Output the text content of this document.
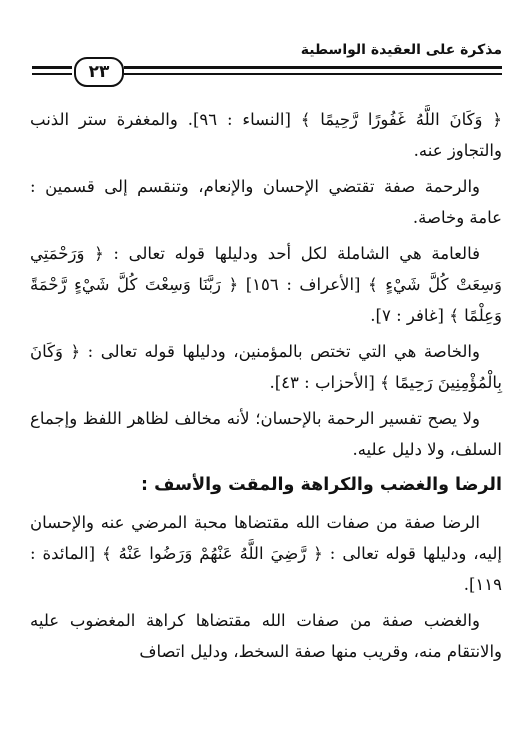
مذكرة على العقيدة الواسطية
٢٣

﴿ وَكَانَ اللَّهُ غَفُورًا رَّحِيمًا ﴾ [النساء : ٩٦]. والمغفرة ستر الذنب والتجاوز عنه.

والرحمة صفة تقتضي الإحسان والإنعام، وتنقسم إلى قسمين : عامة وخاصة.

فالعامة هي الشاملة لكل أحد ودليلها قوله تعالى : ﴿ وَرَحْمَتِي وَسِعَتْ كُلَّ شَيْءٍ ﴾ [الأعراف : ١٥٦] ﴿ رَبَّنَا وَسِعْتَ كُلَّ شَيْءٍ رَّحْمَةً وَعِلْمًا ﴾ [غافر : ٧].

والخاصة هي التي تختص بالمؤمنين، ودليلها قوله تعالى : ﴿ وَكَانَ بِالْمُؤْمِنِينَ رَحِيمًا ﴾ [الأحزاب : ٤٣].

ولا يصح تفسير الرحمة بالإحسان؛ لأنه مخالف لظاهر اللفظ وإجماع السلف، ولا دليل عليه.

الرضا والغضب والكراهة والمقت والأسف :

الرضا صفة من صفات الله مقتضاها محبة المرضي عنه والإحسان إليه، ودليلها قوله تعالى : ﴿ رَّضِيَ اللَّهُ عَنْهُمْ وَرَضُوا عَنْهُ ﴾ [المائدة : ١١٩].

والغضب صفة من صفات الله مقتضاها كراهة المغضوب عليه والانتقام منه، وقريب منها صفة السخط، ودليل اتصاف
